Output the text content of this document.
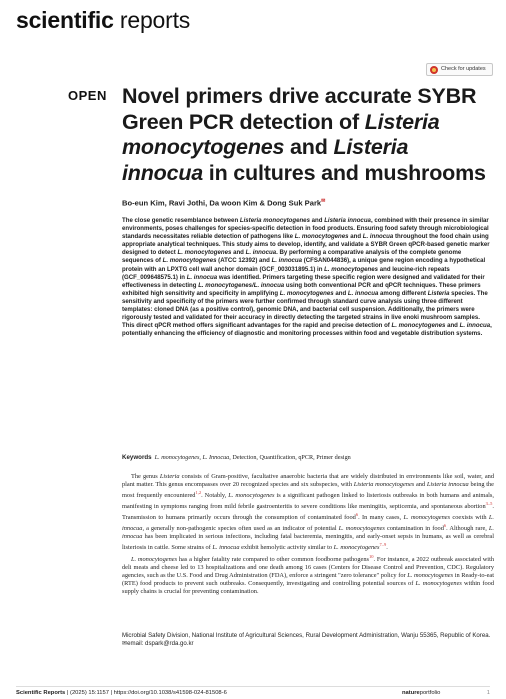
scientific reports
Check for updates
OPEN Novel primers drive accurate SYBR Green PCR detection of Listeria monocytogenes and Listeria innocua in cultures and mushrooms
Bo-eun Kim, Ravi Jothi, Da woon Kim & Dong Suk Park✉
The close genetic resemblance between Listeria monocytogenes and Listeria innocua, combined with their presence in similar environments, poses challenges for species-specific detection in food products. Ensuring food safety through microbiological standards necessitates reliable detection of pathogens like L. monocytogenes and L. innocua throughout the food chain using appropriate analytical techniques. This study aims to develop, identify, and validate a SYBR Green qPCR-based genetic marker designed to detect L. monocytogenes and L. innocua. By performing a comparative analysis of the complete genome sequences of L. monocytogenes (ATCC 12392) and L. innocua (CFSAN044836), a unique gene region encoding a hypothetical protein with an LPXTG cell wall anchor domain (GCF_003031895.1) in L. monocytogenes and leucine-rich repeats (GCF_009648575.1) in L. innocua was identified. Primers targeting these specific region were designed and validated for their effectiveness in detecting L. monocytogenes/L. innocua using both conventional PCR and qPCR techniques. These primers exhibited high sensitivity and specificity in amplifying L. monocytogenes and L. innocua among different Listeria species. The sensitivity and specificity of the primers were further confirmed through standard curve analysis using three different templates: cloned DNA (as a positive control), genomic DNA, and bacterial cell suspension. Additionally, the primers were rigorously tested and validated for their accuracy in directly detecting the targeted strains in live enoki mushroom samples. This direct qPCR method offers significant advantages for the rapid and precise detection of L. monocytogenes and L. innocua, potentially enhancing the efficiency of diagnostic and monitoring processes within food and vegetable distribution systems.
Keywords L. monocytogenes, L. Innocua, Detection, Quantification, qPCR, Primer design

The genus Listeria consists of Gram-positive, facultative anaerobic bacteria that are widely distributed in environments like soil, water, and plant matter. This genus encompasses over 20 recognized species and six subspecies, with Listeria monocytogenes and Listeria innocua being the most frequently encountered$^{1,2}$. Notably, L. monocytogenes is a significant pathogen linked to listeriosis outbreaks in both humans and animals, manifesting in symptoms ranging from mild febrile gastroenteritis to severe conditions like meningitis, septicemia, and spontaneous abortion$^{3-5}$. Transmission to humans primarily occurs through the consumption of contaminated food$^6$. In many cases, L. monocytogenes coexists with L. innocua, a generally non-pathogenic species often used as an indicator of potential L. monocytogenes contamination in food$^6$. Although rare, L. innocua has been implicated in serious infections, including fatal bacteremia, meningitis, and early-onset sepsis in humans, as well as cerebral listeriosis in cattle. Some strains of L. innocua exhibit hemolytic activity similar to L. monocytogenes$^{7-9}$.

L. monocytogenes has a higher fatality rate compared to other common foodborne pathogens$^{10}$. For instance, a 2022 outbreak associated with deli meats and cheese led to 13 hospitalizations and one death among 16 cases (Centers for Disease Control and Prevention, CDC). Regulatory agencies, such as the U.S. Food and Drug Administration (FDA), enforce a stringent "zero tolerance" policy for L. monocytogenes in Ready-to-eat (RTE) food products to prevent such outbreaks. Consequently, investigating and controlling potential sources of L. monocytogenes within food supply chains is crucial for preventing contamination.

Microbial Safety Division, National Institute of Agricultural Sciences, Rural Development Administration, Wanju 55365, Republic of Korea. ✉email: dspark@rda.go.kr
Scientific Reports | (2025) 15:1157 | https://doi.org/10.1038/s41598-024-81508-6	natureportfolio	1
